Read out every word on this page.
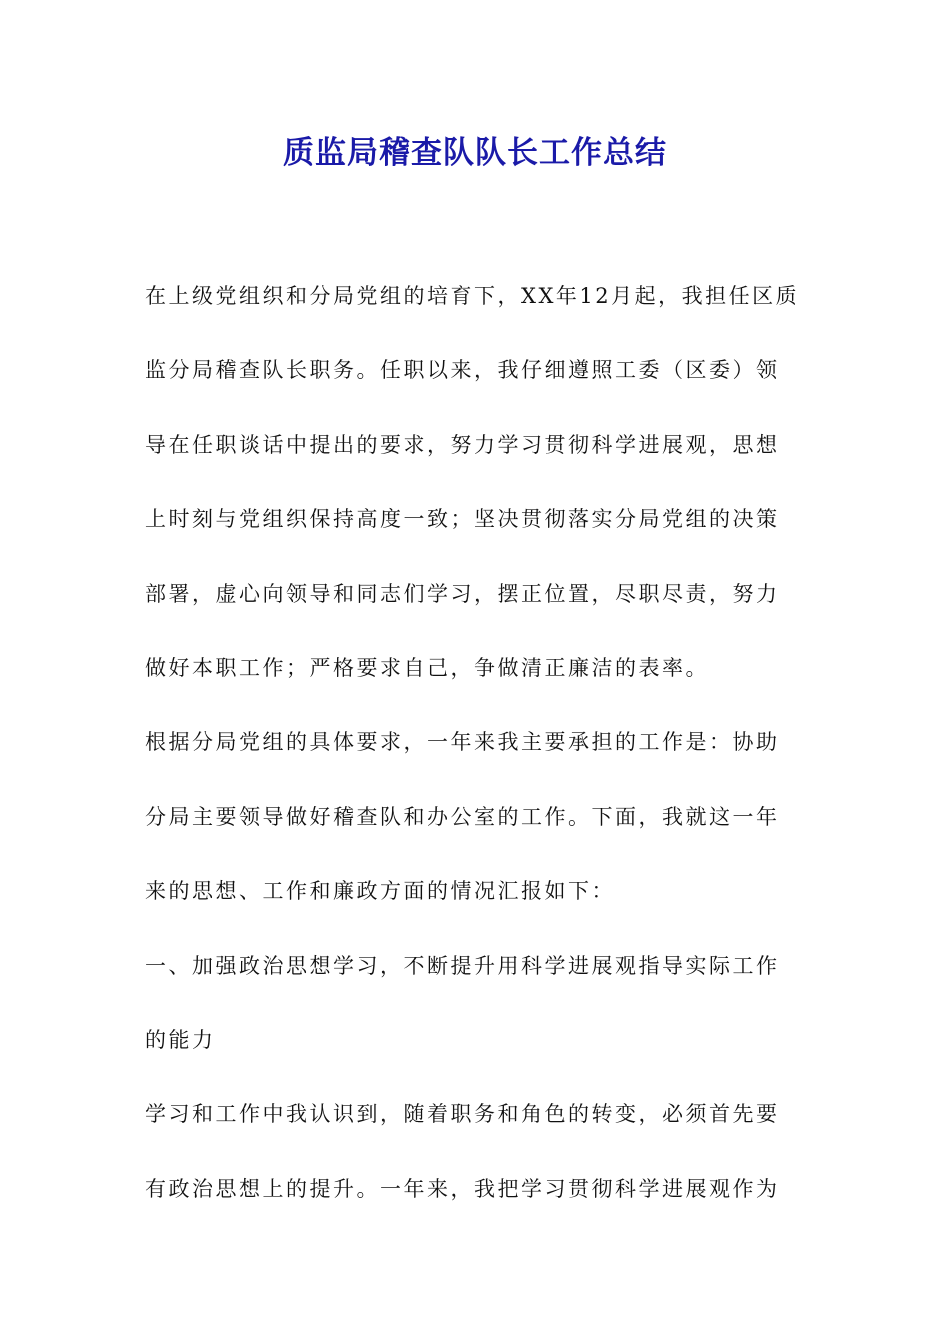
质监局稽查队队长工作总结

在上级党组织和分局党组的培育下，XX年12月起，我担任区质

监分局稽查队长职务。任职以来，我仔细遵照工委（区委）领

导在任职谈话中提出的要求，努力学习贯彻科学进展观，思想

上时刻与党组织保持高度一致；坚决贯彻落实分局党组的决策

部署，虚心向领导和同志们学习，摆正位置，尽职尽责，努力

做好本职工作；严格要求自己，争做清正廉洁的表率。

根据分局党组的具体要求，一年来我主要承担的工作是：协助

分局主要领导做好稽查队和办公室的工作。下面，我就这一年

来的思想、工作和廉政方面的情况汇报如下：

一、加强政治思想学习，不断提升用科学进展观指导实际工作

的能力

学习和工作中我认识到，随着职务和角色的转变，必须首先要

有政治思想上的提升。一年来，我把学习贯彻科学进展观作为
